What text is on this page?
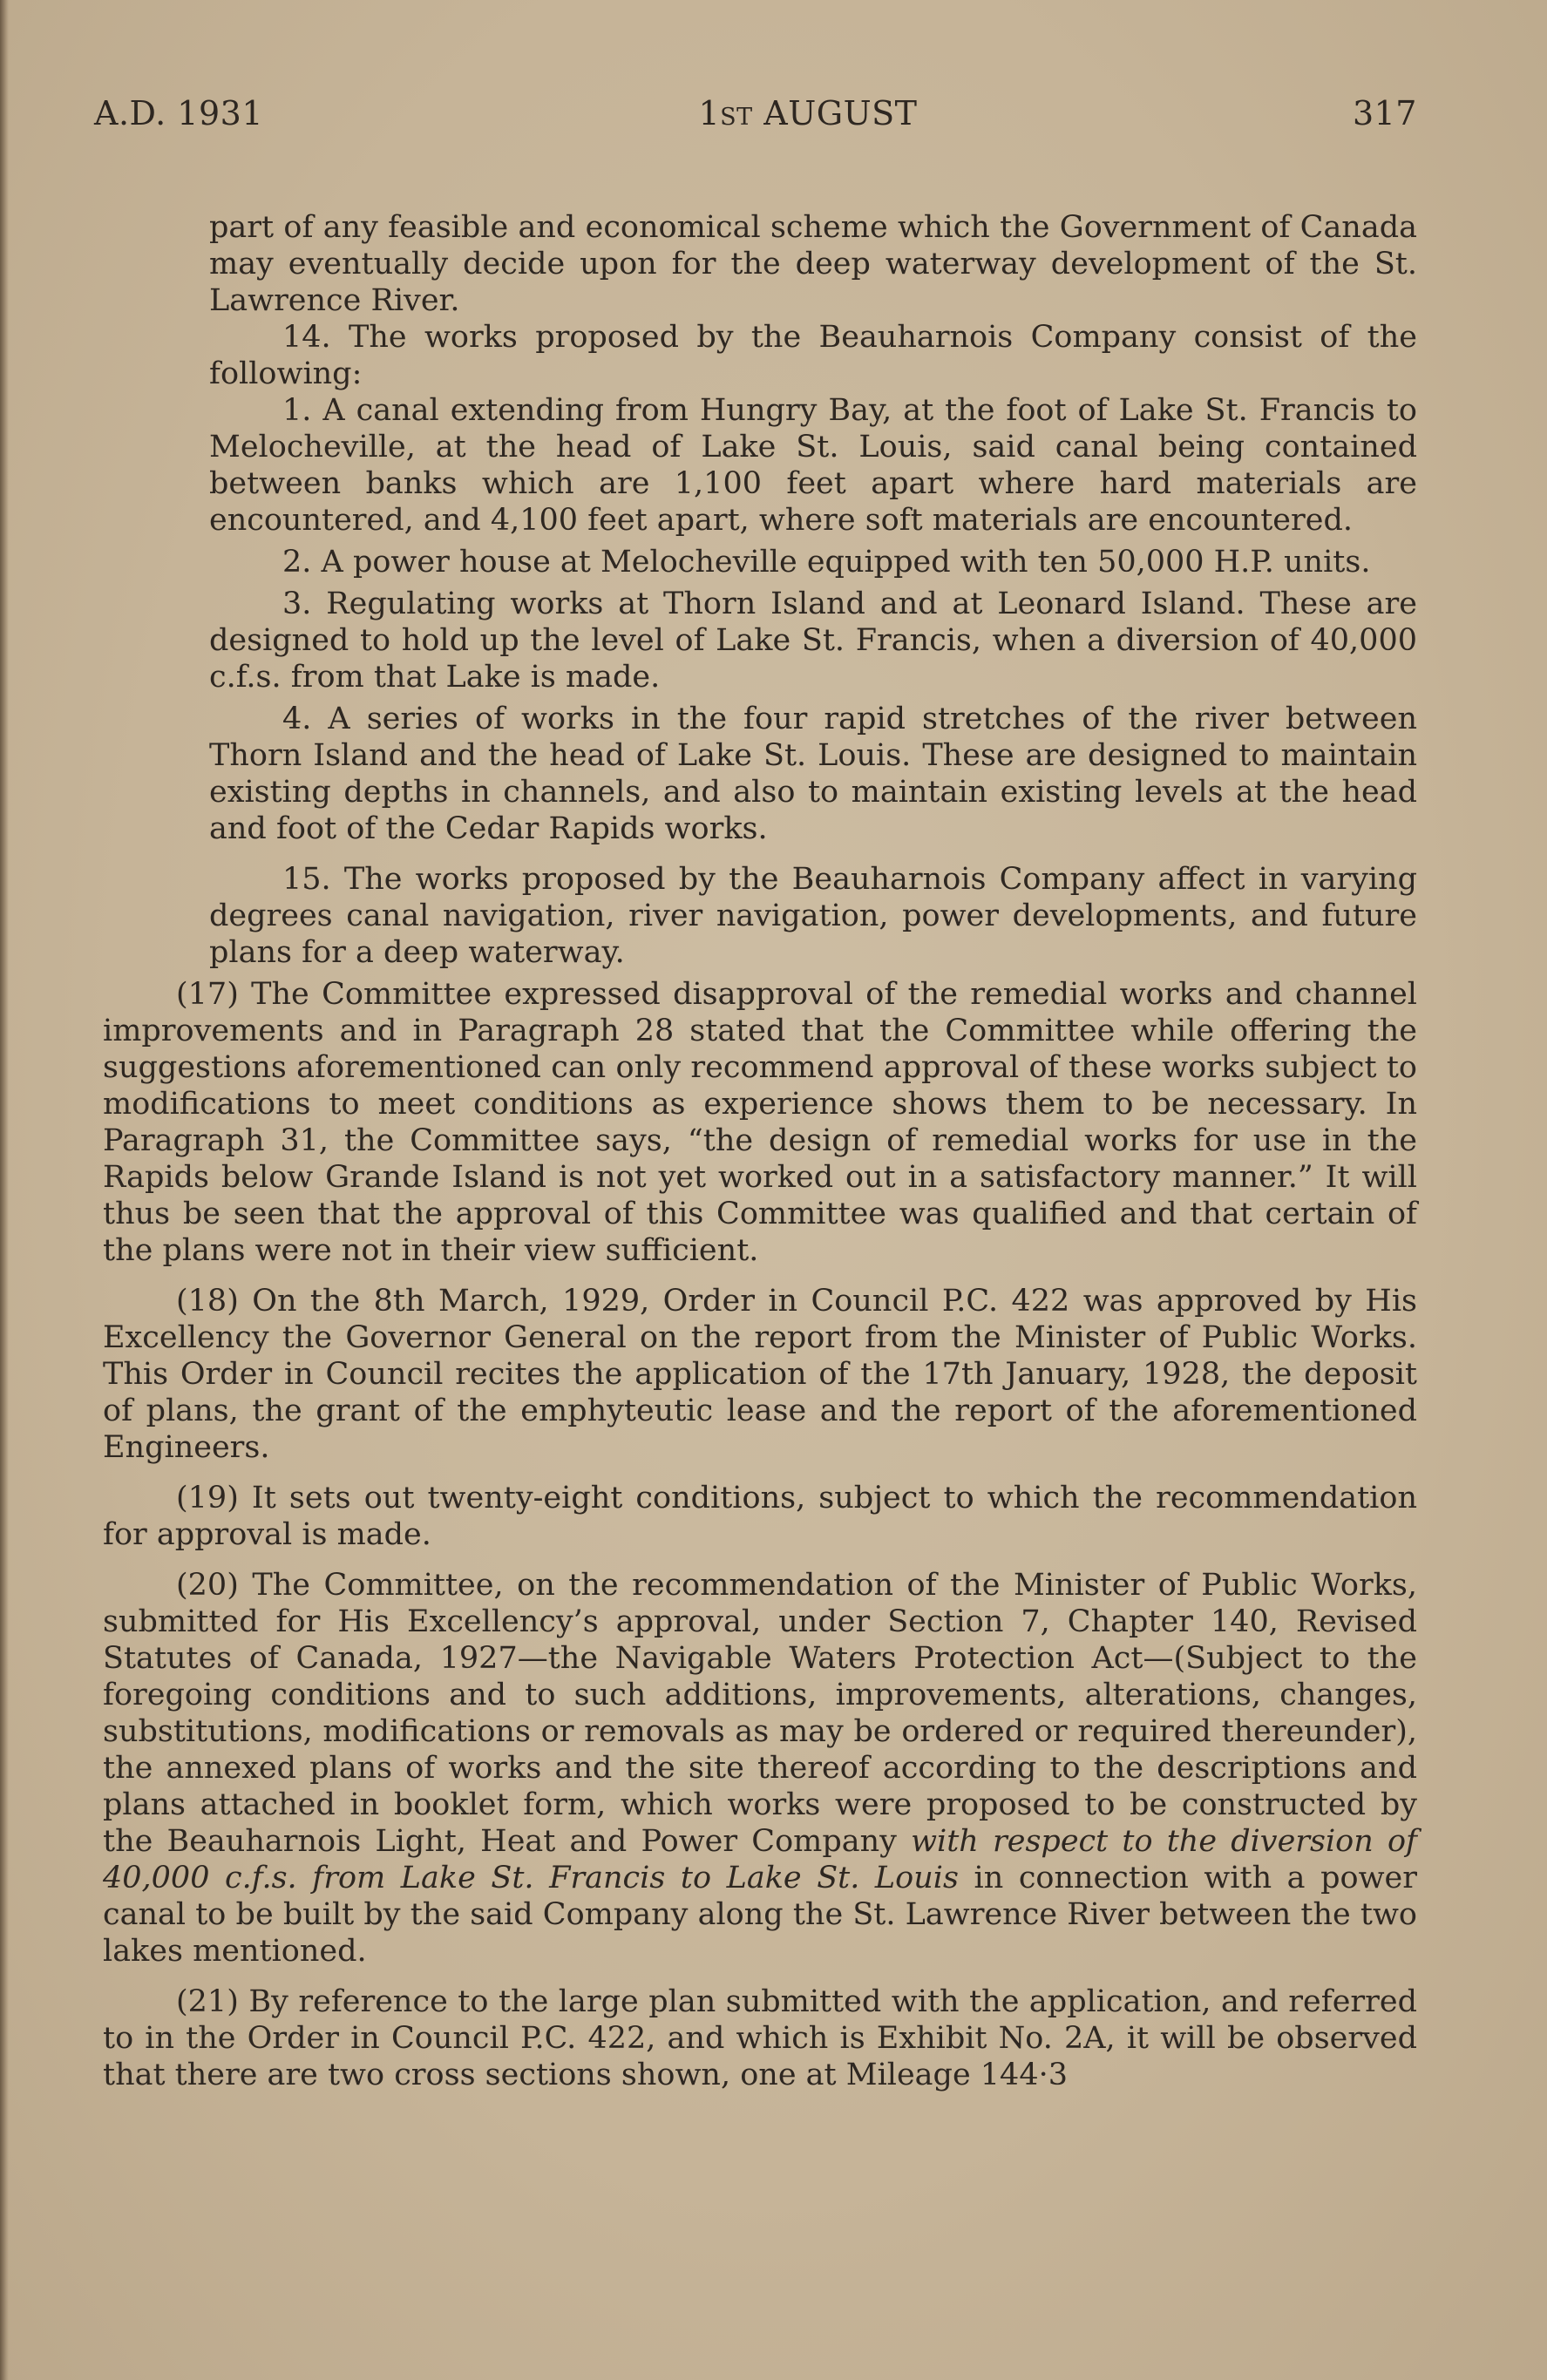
A.D. 1931	1ST AUGUST	317

part of any feasible and economical scheme which the Government of Canada may eventually decide upon for the deep waterway development of the St. Lawrence River.

14. The works proposed by the Beauharnois Company consist of the following:

1. A canal extending from Hungry Bay, at the foot of Lake St. Francis to Melocheville, at the head of Lake St. Louis, said canal being contained between banks which are 1,100 feet apart where hard materials are encountered, and 4,100 feet apart, where soft materials are encountered.

2. A power house at Melocheville equipped with ten 50,000 H.P. units.

3. Regulating works at Thorn Island and at Leonard Island. These are designed to hold up the level of Lake St. Francis, when a diversion of 40,000 c.f.s. from that Lake is made.

4. A series of works in the four rapid stretches of the river between Thorn Island and the head of Lake St. Louis. These are designed to maintain existing depths in channels, and also to maintain existing levels at the head and foot of the Cedar Rapids works.

15. The works proposed by the Beauharnois Company affect in varying degrees canal navigation, river navigation, power developments, and future plans for a deep waterway.

(17) The Committee expressed disapproval of the remedial works and channel improvements and in Paragraph 28 stated that the Committee while offering the suggestions aforementioned can only recommend approval of these works subject to modifications to meet conditions as experience shows them to be necessary. In Paragraph 31, the Committee says, “the design of remedial works for use in the Rapids below Grande Island is not yet worked out in a satisfactory manner.” It will thus be seen that the approval of this Committee was qualified and that certain of the plans were not in their view sufficient.

(18) On the 8th March, 1929, Order in Council P.C. 422 was approved by His Excellency the Governor General on the report from the Minister of Public Works. This Order in Council recites the application of the 17th January, 1928, the deposit of plans, the grant of the emphyteutic lease and the report of the aforementioned Engineers.

(19) It sets out twenty-eight conditions, subject to which the recommendation for approval is made.

(20) The Committee, on the recommendation of the Minister of Public Works, submitted for His Excellency’s approval, under Section 7, Chapter 140, Revised Statutes of Canada, 1927—the Navigable Waters Protection Act—(Subject to the foregoing conditions and to such additions, improvements, alterations, changes, substitutions, modifications or removals as may be ordered or required thereunder), the annexed plans of works and the site thereof according to the descriptions and plans attached in booklet form, which works were proposed to be constructed by the Beauharnois Light, Heat and Power Company with respect to the diversion of 40,000 c.f.s. from Lake St. Francis to Lake St. Louis in connection with a power canal to be built by the said Company along the St. Lawrence River between the two lakes mentioned.

(21) By reference to the large plan submitted with the application, and referred to in the Order in Council P.C. 422, and which is Exhibit No. 2A, it will be observed that there are two cross sections shown, one at Mileage 144·3
